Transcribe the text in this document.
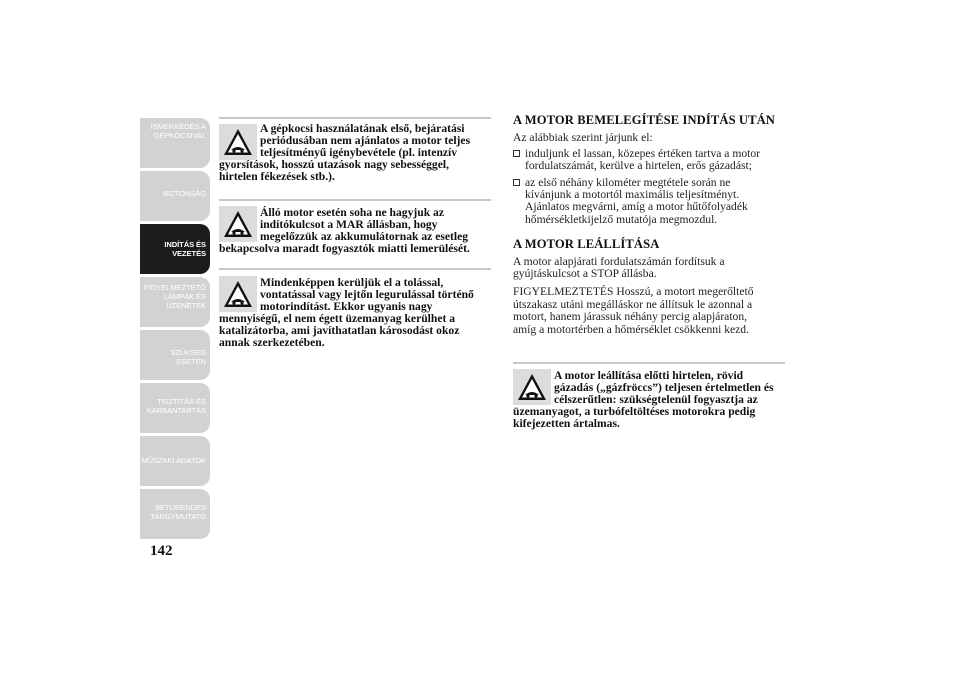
ISMERKEDÉS A
GÉPKOCSIVAL
BIZTONSÁG
INDÍTÁS ÉS
VEZETÉS
FIGYELMEZTETŐ
LÁMPÁK ÉS
ÜZENETEK
SZÜKSÉG ESETÉN
TISZTÍTÁS ÉS
KARBANTARTÁS
MŰSZAKI ADATOK
BETŰRENDES
TÁRGYMUTATÓ
142
A gépkocsi használatának első, bejáratási
periódusában nem ajánlatos a motor teljes
teljesítményű igénybevétele (pl. intenzív
gyorsítások, hosszú utazások nagy sebességgel,
hirtelen fékezések stb.).
Álló motor esetén soha ne hagyjuk az
indítókulcsot a MAR állásban, hogy
megelőzzük az akkumulátornak az esetleg
bekapcsolva maradt fogyasztók miatti lemerülését.
Mindenképpen kerüljük el a tolással,
vontatással vagy lejtőn legurulással történő
motorindítást. Ekkor ugyanis nagy
mennyiségű, el nem égett üzemanyag kerülhet a
katalizátorba, ami javíthatatlan károsodást okoz
annak szerkezetében.
A MOTOR BEMELEGÍTÉSE INDÍTÁS UTÁN
Az alábbiak szerint járjunk el:
induljunk el lassan, közepes értéken tartva a motor
fordulatszámát, kerülve a hirtelen, erős gázadást;
az első néhány kilométer megtétele során ne
kívánjunk a motortól maximális teljesítményt.
Ajánlatos megvárni, amíg a motor hűtőfolyadék
hőmérsékletkijelző mutatója megmozdul.
A MOTOR LEÁLLÍTÁSA
A motor alapjárati fordulatszámán fordítsuk a
gyújtáskulcsot a STOP állásba.
FIGYELMEZTETÉS Hosszú, a motort megerőltető
útszakasz utáni megálláskor ne állítsuk le azonnal a
motort, hanem járassuk néhány percig alapjáraton,
amíg a motortérben a hőmérséklet csökkenni kezd.
A motor leállítása előtti hirtelen, rövid
gázadás („gázfröccs”) teljesen értelmetlen és
célszerűtlen: szükségtelenül fogyasztja az
üzemanyagot, a turbófeltöltéses motorokra pedig
kifejezetten ártalmas.
